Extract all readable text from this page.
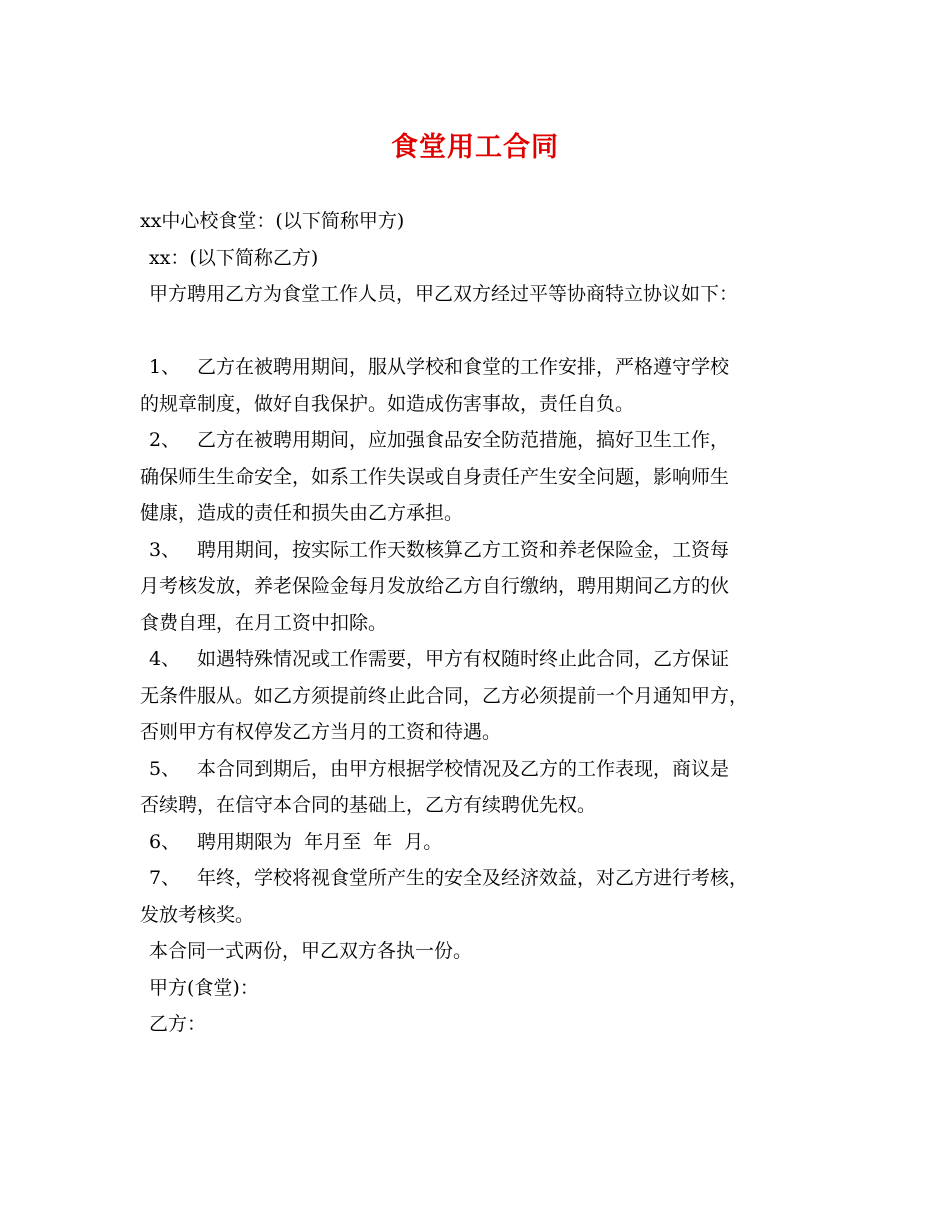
食堂用工合同
xx中心校食堂：(以下简称甲方)
xx：(以下简称乙方)
甲方聘用乙方为食堂工作人员，甲乙双方经过平等协商特立协议如下：
1、 乙方在被聘用期间，服从学校和食堂的工作安排，严格遵守学校
的规章制度，做好自我保护。如造成伤害事故，责任自负。
2、 乙方在被聘用期间，应加强食品安全防范措施，搞好卫生工作，
确保师生生命安全，如系工作失误或自身责任产生安全问题，影响师生
健康，造成的责任和损失由乙方承担。
3、 聘用期间，按实际工作天数核算乙方工资和养老保险金，工资每
月考核发放，养老保险金每月发放给乙方自行缴纳，聘用期间乙方的伙
食费自理，在月工资中扣除。
4、 如遇特殊情况或工作需要，甲方有权随时终止此合同，乙方保证
无条件服从。如乙方须提前终止此合同，乙方必须提前一个月通知甲方，
否则甲方有权停发乙方当月的工资和待遇。
5、 本合同到期后，由甲方根据学校情况及乙方的工作表现，商议是
否续聘，在信守本合同的基础上，乙方有续聘优先权。
6、 聘用期限为  年月至  年  月。
7、 年终，学校将视食堂所产生的安全及经济效益，对乙方进行考核，
发放考核奖。
本合同一式两份，甲乙双方各执一份。
甲方(食堂)：
乙方：
